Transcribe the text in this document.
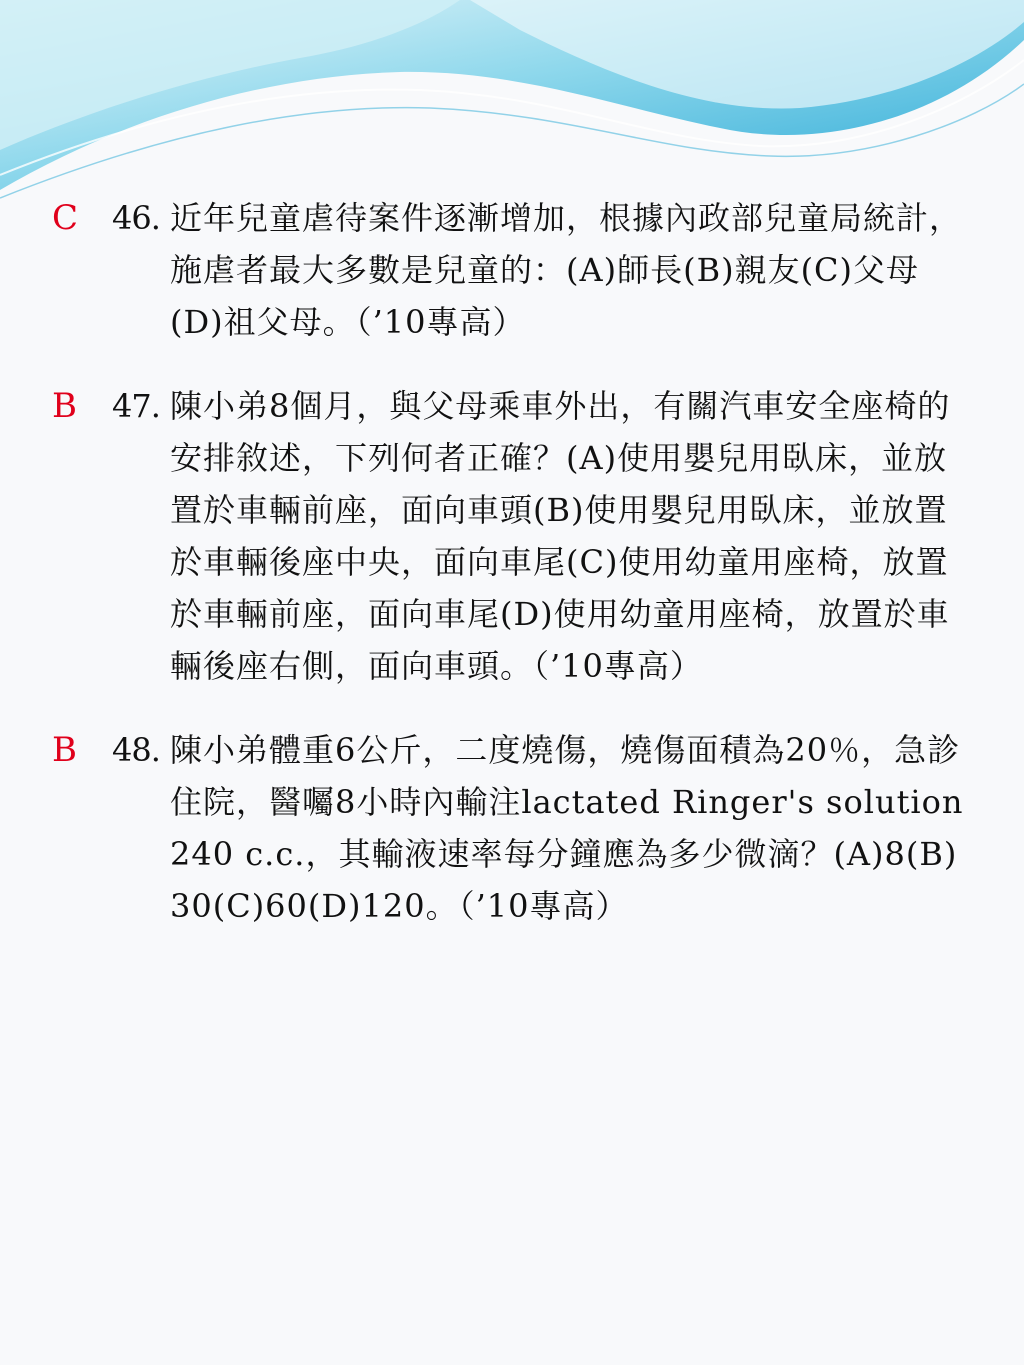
C 46. 近年兒童虐待案件逐漸增加，根據內政部兒童局統計，施虐者最大多數是兒童的：(A)師長(B)親友(C)父母(D)祖父母。（’10專高）
B 47. 陳小弟8個月，與父母乘車外出，有關汽車安全座椅的安排敘述，下列何者正確？(A)使用嬰兒用臥床，並放置於車輛前座，面向車頭(B)使用嬰兒用臥床，並放置於車輛後座中央，面向車尾(C)使用幼童用座椅，放置於車輛前座，面向車尾(D)使用幼童用座椅，放置於車輛後座右側，面向車頭。（’10專高）
B 48. 陳小弟體重6公斤，二度燒傷，燒傷面積為20％，急診住院，醫囑8小時內輸注lactated Ringer's solution 240 c.c.，其輸液速率每分鐘應為多少微滴？(A)8(B)30(C)60(D)120。（’10專高）
